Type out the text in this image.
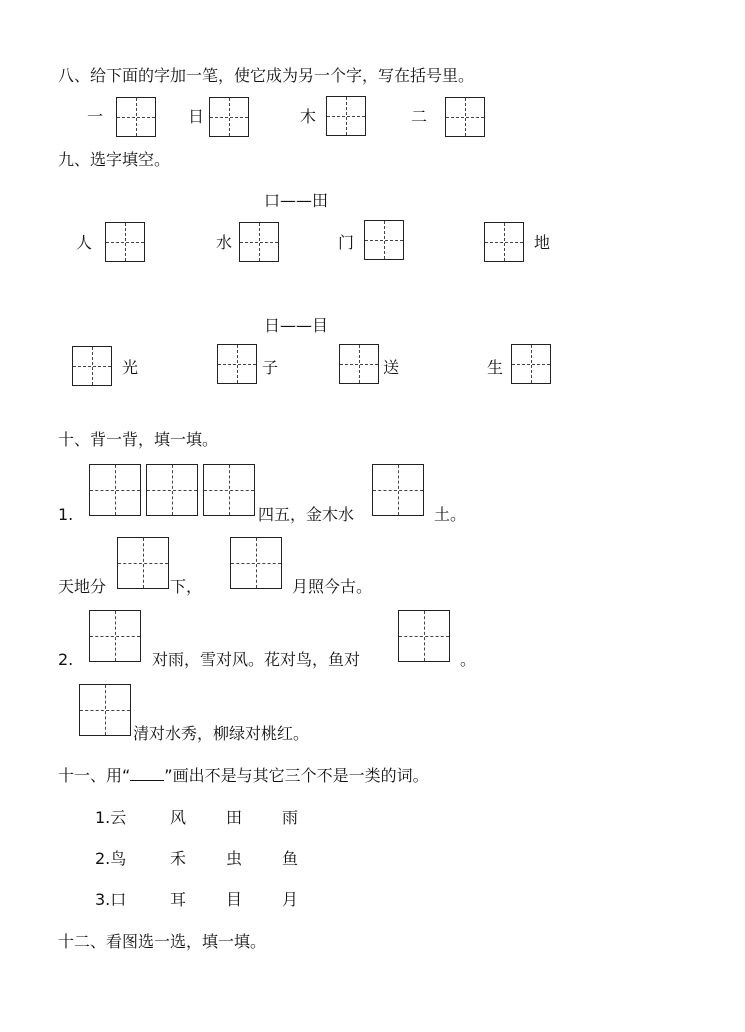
八、给下面的字加一笔，使它成为另一个字，写在括号里。
一	日	木	二
九、选字填空。
口——田
人	水	门	地
日——目
光	子	送	生
十、背一背，填一填。
1.	四五，金木水	土。
天地分	下，	月照今古。
2.	对雨，雪对风。花对鸟，鱼对	。
清对水秀，柳绿对桃红。
十一、用“ ”画出不是与其它三个不是一类的词。
1.云	风 田 雨
2.鸟	禾 虫 鱼
3.口	耳 目 月
十二、看图选一选，填一填。
